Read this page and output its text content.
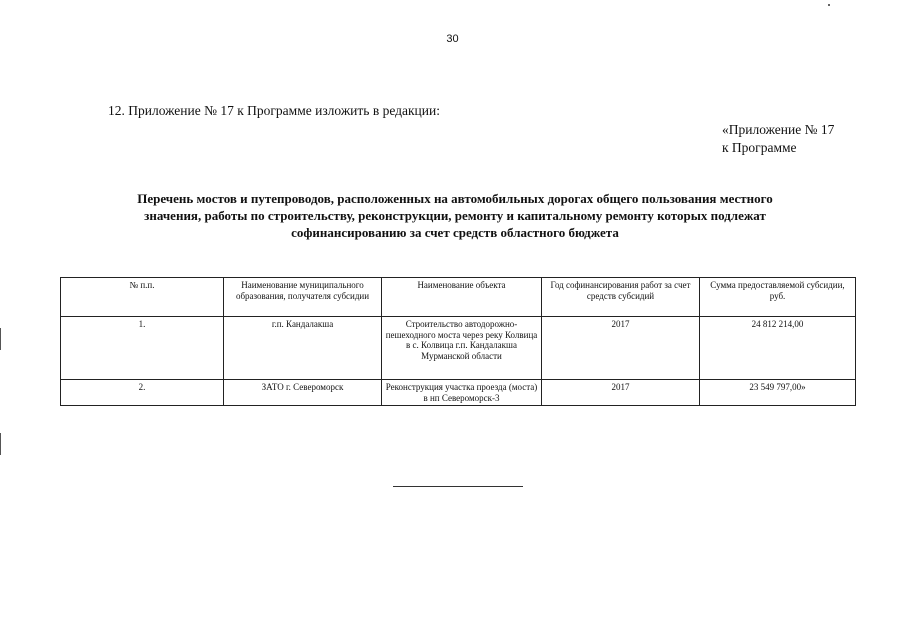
30
12. Приложение № 17 к Программе изложить в редакции:
«Приложение № 17
к Программе
Перечень мостов и путепроводов, расположенных на автомобильных дорогах общего пользования местного
значения, работы по строительству, реконструкции, ремонту и капитальному ремонту которых подлежат
софинансированию за счет средств областного бюджета
№ п.п.	Наименование муниципального образования, получателя субсидии	Наименование объекта	Год софинансирования работ за счет средств субсидий	Сумма предоставляемой субсидии, руб.
1.	г.п. Кандалакша	Строительство автодорожно-пешеходного моста через реку Колвица в с. Колвица г.п. Кандалакша Мурманской области	2017	24 812 214,00
2.	ЗАТО г. Североморск	Реконструкция участка проезда (моста) в нп Североморск-3	2017	23 549 797,00»
